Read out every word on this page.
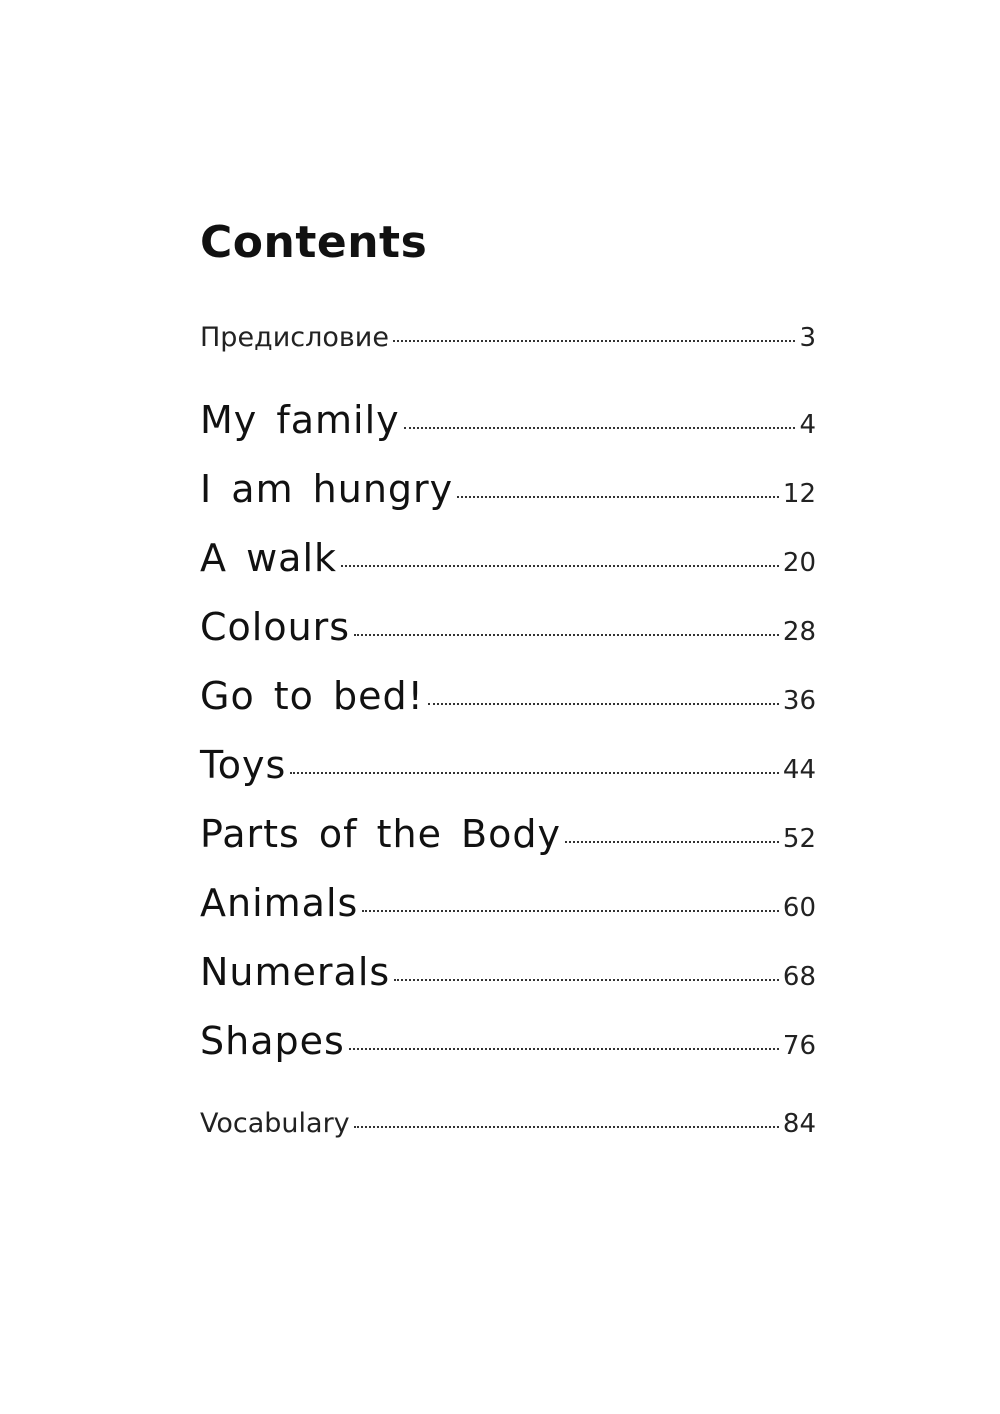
Contents
Предисловие	3
My family	4
I am hungry	12
A walk	20
Colours	28
Go to bed!	36
Toys	44
Parts of the Body	52
Animals	60
Numerals	68
Shapes	76
Vocabulary	84
